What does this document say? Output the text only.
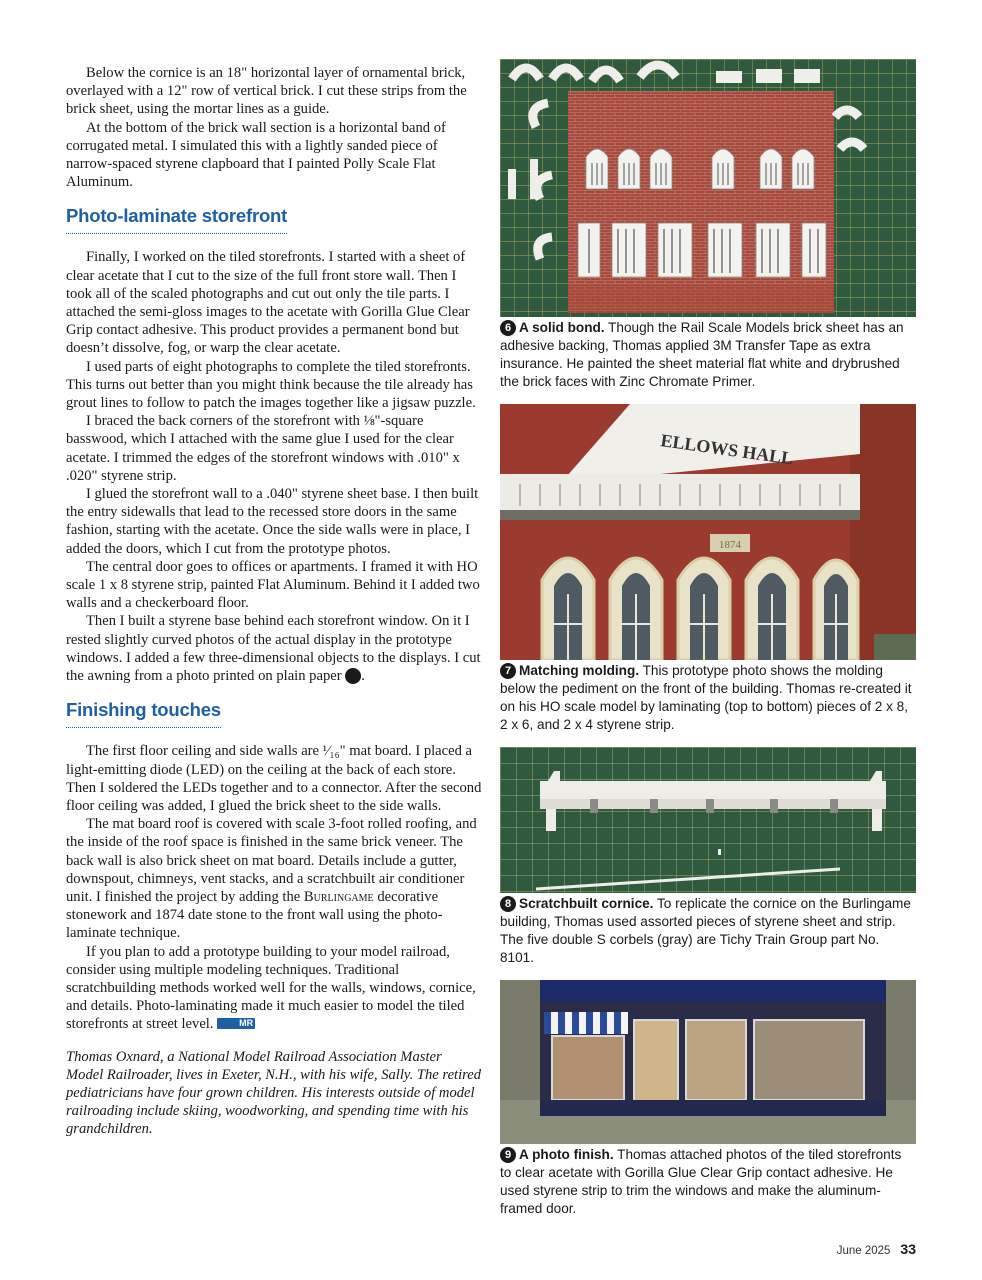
Below the cornice is an 18" horizontal layer of ornamental brick, overlayed with a 12" row of vertical brick. I cut these strips from the brick sheet, using the mortar lines as a guide.

At the bottom of the brick wall section is a horizontal band of corrugated metal. I simulated this with a lightly sanded piece of narrow-spaced styrene clapboard that I painted Polly Scale Flat Aluminum.

Photo-laminate storefront

Finally, I worked on the tiled storefronts. I started with a sheet of clear acetate that I cut to the size of the full front store wall. Then I took all of the scaled photographs and cut out only the tile parts. I attached the semi-gloss images to the acetate with Gorilla Glue Clear Grip contact adhesive. This product provides a permanent bond but doesn’t dissolve, fog, or warp the clear acetate.

I used parts of eight photographs to complete the tiled storefronts. This turns out better than you might think because the tile already has grout lines to follow to patch the images together like a jigsaw puzzle.

I braced the back corners of the storefront with ⅛"-square basswood, which I attached with the same glue I used for the clear acetate. I trimmed the edges of the storefront windows with .010" x .020" styrene strip.

I glued the storefront wall to a .040" styrene sheet base. I then built the entry sidewalls that lead to the recessed store doors in the same fashion, starting with the acetate. Once the side walls were in place, I added the doors, which I cut from the prototype photos.

The central door goes to offices or apartments. I framed it with HO scale 1 x 8 styrene strip, painted Flat Aluminum. Behind it I added two walls and a checkerboard floor.

Then I built a styrene base behind each storefront window. On it I rested slightly curved photos of the actual display in the prototype windows. I added a few three-dimensional objects to the displays. I cut the awning from a photo printed on plain paper 9.

Finishing touches

The first floor ceiling and side walls are ¹⁄₁₆" mat board. I placed a light-emitting diode (LED) on the ceiling at the back of each store. Then I soldered the LEDs together and to a connector. After the second floor ceiling was added, I glued the brick sheet to the side walls.

The mat board roof is covered with scale 3-foot rolled roofing, and the inside of the roof space is finished in the same brick veneer. The back wall is also brick sheet on mat board. Details include a gutter, downspout, chimneys, vent stacks, and a scratchbuilt air conditioner unit. I finished the project by adding the Burlingame decorative stonework and 1874 date stone to the front wall using the photo-laminate technique.

If you plan to add a prototype building to your model railroad, consider using multiple modeling techniques. Traditional scratchbuilding methods worked well for the walls, windows, cornice, and details. Photo-laminating made it much easier to model the tiled storefronts at street level.	MR

Thomas Oxnard, a National Model Railroad Association Master Model Railroader, lives in Exeter, N.H., with his wife, Sally. The retired pediatricians have four grown children. His interests outside of model railroading include skiing, woodworking, and spending time with his grandchildren.

6 A solid bond. Though the Rail Scale Models brick sheet has an adhesive backing, Thomas applied 3M Transfer Tape as extra insurance. He painted the sheet material flat white and drybrushed the brick faces with Zinc Chromate Primer.

ELLOWS HALL
1874

7 Matching molding. This prototype photo shows the molding below the pediment on the front of the building. Thomas re-created it on his HO scale model by laminating (top to bottom) pieces of 2 x 8, 2 x 6, and 2 x 4 styrene strip.

8 Scratchbuilt cornice. To replicate the cornice on the Burlingame building, Thomas used assorted pieces of styrene sheet and strip. The five double S corbels (gray) are Tichy Train Group part No. 8101.

9 A photo finish. Thomas attached photos of the tiled storefronts to clear acetate with Gorilla Glue Clear Grip contact adhesive. He used styrene strip to trim the windows and make the aluminum-framed door.

June 2025 33
